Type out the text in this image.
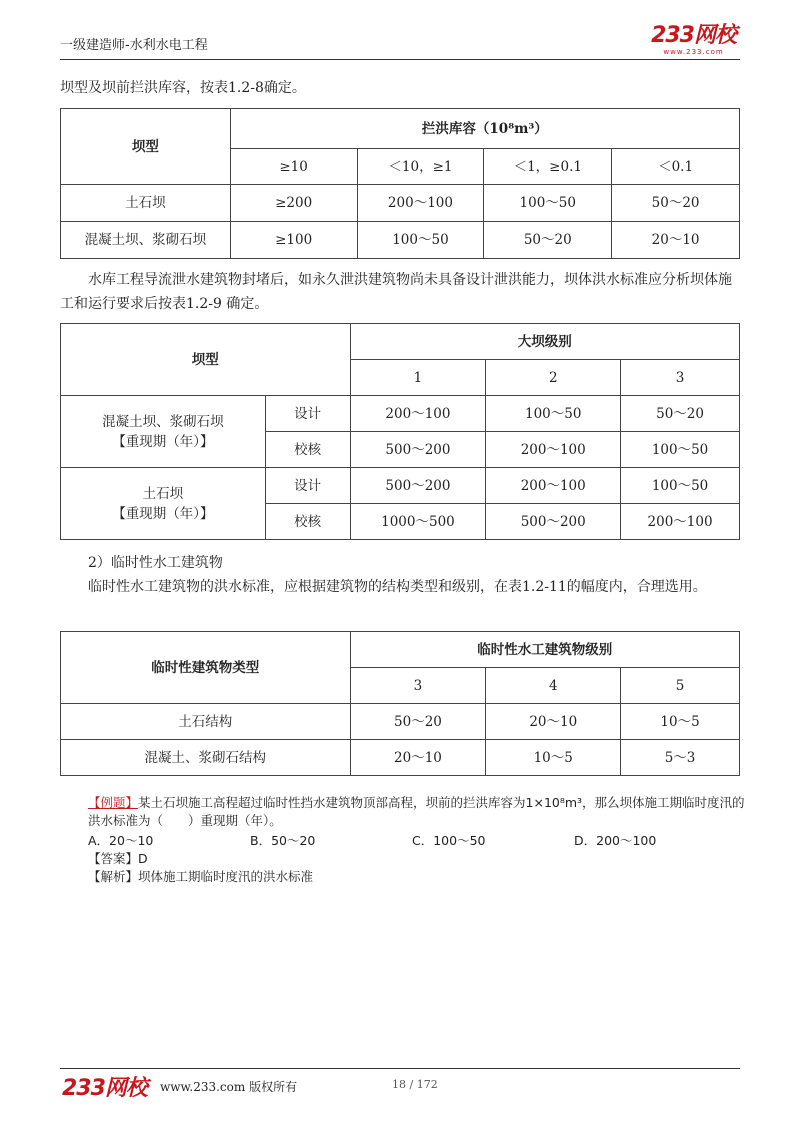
一级建造师-水利水电工程	233网校
www.233.com
坝型及坝前拦洪库容，按表1.2-8确定。
坝型	拦洪库容（10⁸m³）			
	≥10	＜10，≥1	＜1，≥0.1	＜0.1
土石坝	≥200	200～100	100～50	50～20
混凝土坝、浆砌石坝	≥100	100～50	50～20	20～10
水库工程导流泄水建筑物封堵后，如永久泄洪建筑物尚未具备设计泄洪能力，坝体洪水标准应分析坝体施工和运行要求后按表1.2-9 确定。
坝型		大坝级别		
		1	2	3

混凝土坝、浆砌石坝
【重现期（年）】	设计	200～100	100～50	50～20
	校核	500～200	200～100	100～50

土石坝
【重现期（年）】	设计	500～200	200～100	100～50
	校核	1000～500	500～200	200～100
2）临时性水工建筑物
临时性水工建筑物的洪水标准，应根据建筑物的结构类型和级别，在表1.2-11的幅度内，合理选用。
临时性建筑物类型	临时性水工建筑物级别		
	3	4	5
土石结构	50～20	20～10	10～5
混凝土、浆砌石结构	20～10	10～5	5～3
【例题】某土石坝施工高程超过临时性挡水建筑物顶部高程，坝前的拦洪库容为1×10⁸m³，那么坝体施工期临时度汛的洪水标准为（　　）重现期（年）。
A．20～10	B．50～20	C．100～50	D．200～100
【答案】D
【解析】坝体施工期临时度汛的洪水标准
233网校 www.233.com 版权所有	18 / 172
